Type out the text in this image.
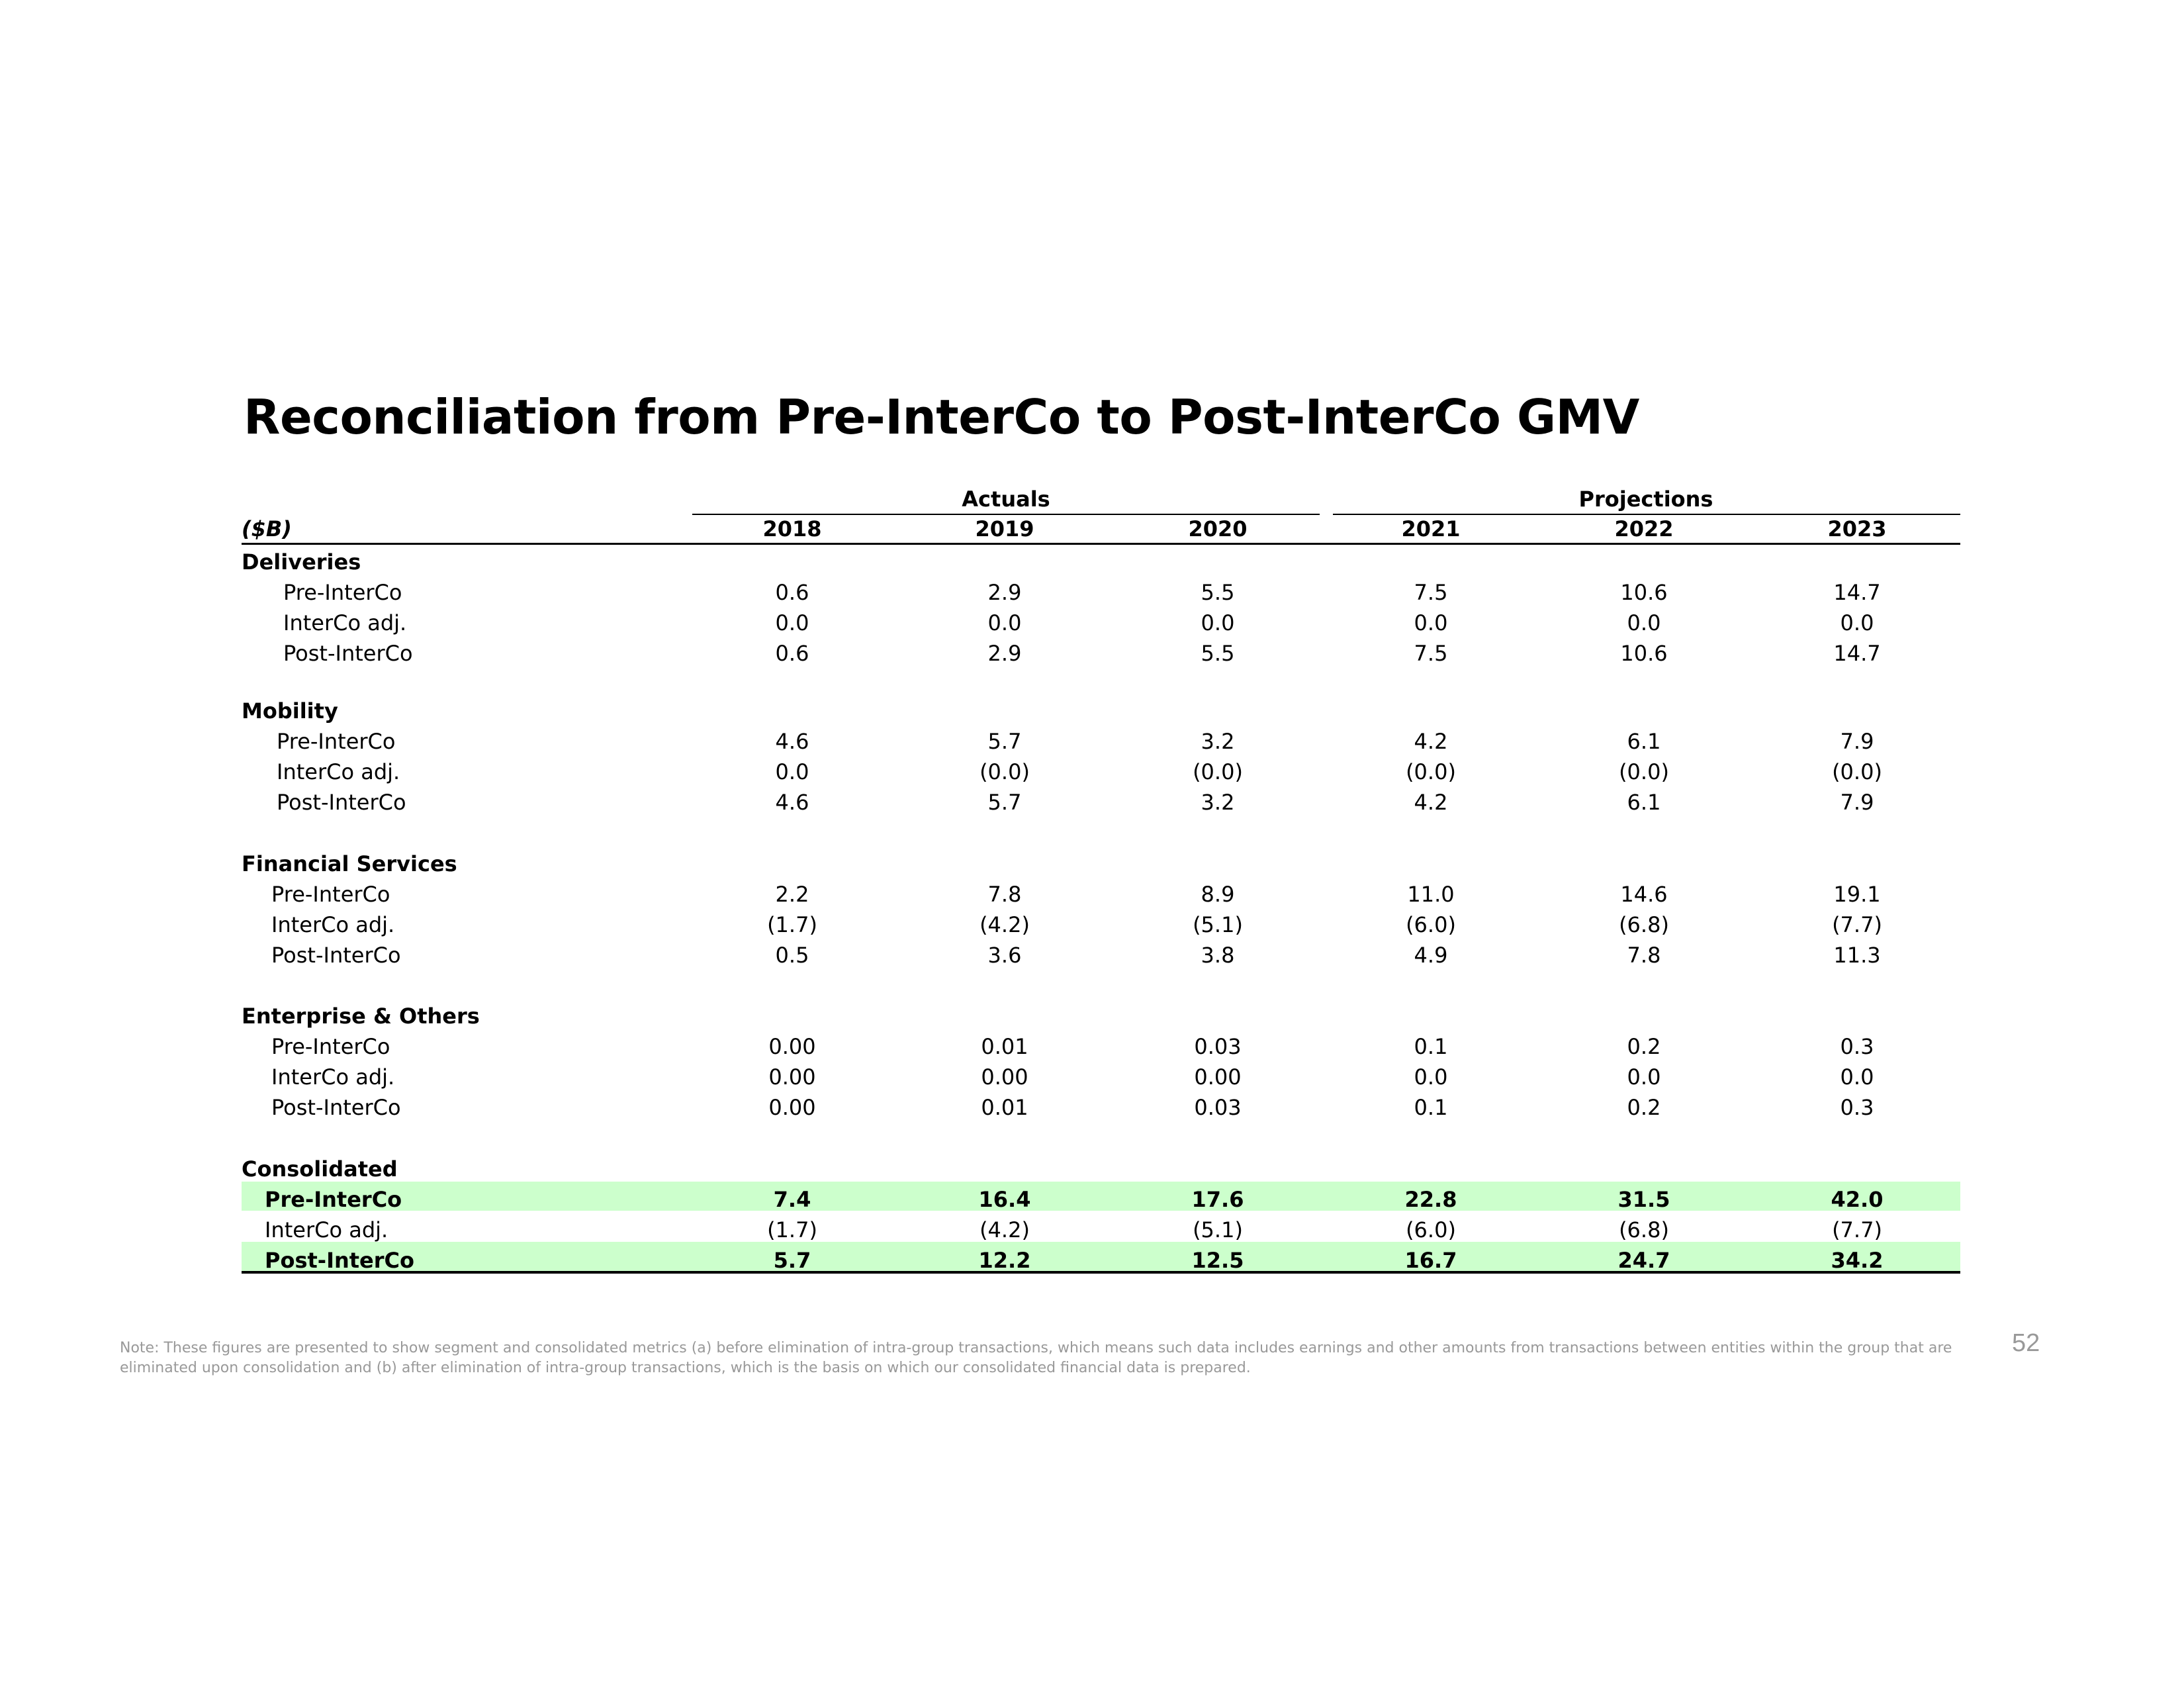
Reconciliation from Pre-InterCo to Post-InterCo GMV
Actuals	Projections
($B)	2018	2019	2020	2021	2022	2023
Deliveries
Pre-InterCo	0.6	2.9	5.5	7.5	10.6	14.7
InterCo adj.	0.0	0.0	0.0	0.0	0.0	0.0
Post-InterCo	0.6	2.9	5.5	7.5	10.6	14.7
Mobility
Pre-InterCo	4.6	5.7	3.2	4.2	6.1	7.9
InterCo adj.	0.0	(0.0)	(0.0)	(0.0)	(0.0)	(0.0)
Post-InterCo	4.6	5.7	3.2	4.2	6.1	7.9
Financial Services
Pre-InterCo	2.2	7.8	8.9	11.0	14.6	19.1
InterCo adj.	(1.7)	(4.2)	(5.1)	(6.0)	(6.8)	(7.7)
Post-InterCo	0.5	3.6	3.8	4.9	7.8	11.3
Enterprise & Others
Pre-InterCo	0.00	0.01	0.03	0.1	0.2	0.3
InterCo adj.	0.00	0.00	0.00	0.0	0.0	0.0
Post-InterCo	0.00	0.01	0.03	0.1	0.2	0.3
Consolidated
Pre-InterCo	7.4	16.4	17.6	22.8	31.5	42.0
InterCo adj.	(1.7)	(4.2)	(5.1)	(6.0)	(6.8)	(7.7)
Post-InterCo	5.7	12.2	12.5	16.7	24.7	34.2
Note: These figures are presented to show segment and consolidated metrics (a) before elimination of intra-group transactions, which means such data includes earnings and other amounts from transactions between entities within the group that are eliminated upon consolidation and (b) after elimination of intra-group transactions, which is the basis on which our consolidated financial data is prepared.
52
